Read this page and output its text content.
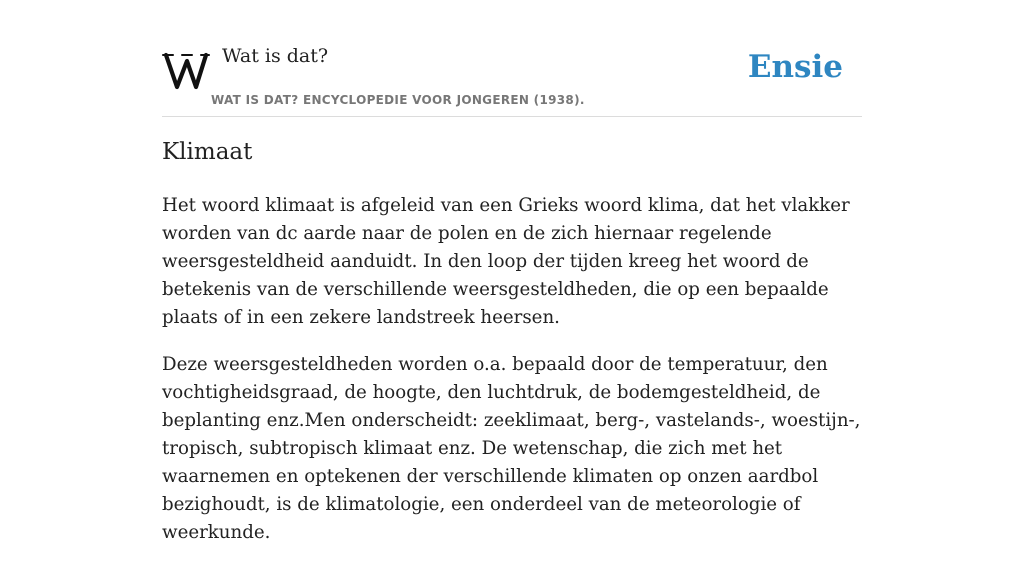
Wat is dat?
WAT IS DAT? ENCYCLOPEDIE VOOR JONGEREN (1938).
Ensie
Klimaat

Het woord klimaat is afgeleid van een Grieks woord klima, dat het vlakker worden van dc aarde naar de polen en de zich hiernaar regelende weersgesteldheid aanduidt. In den loop der tijden kreeg het woord de betekenis van de verschillende weersgesteldheden, die op een bepaalde plaats of in een zekere landstreek heersen.

Deze weersgesteldheden worden o.a. bepaald door de temperatuur, den vochtigheidsgraad, de hoogte, den luchtdruk, de bodemgesteldheid, de beplanting enz.Men onderscheidt: zeeklimaat, berg-, vastelands-, woestijn-, tropisch, subtropisch klimaat enz. De wetenschap, die zich met het waarnemen en optekenen der verschillende klimaten op onzen aardbol bezighoudt, is de klimatologie, een onderdeel van de meteorologie of weerkunde.
